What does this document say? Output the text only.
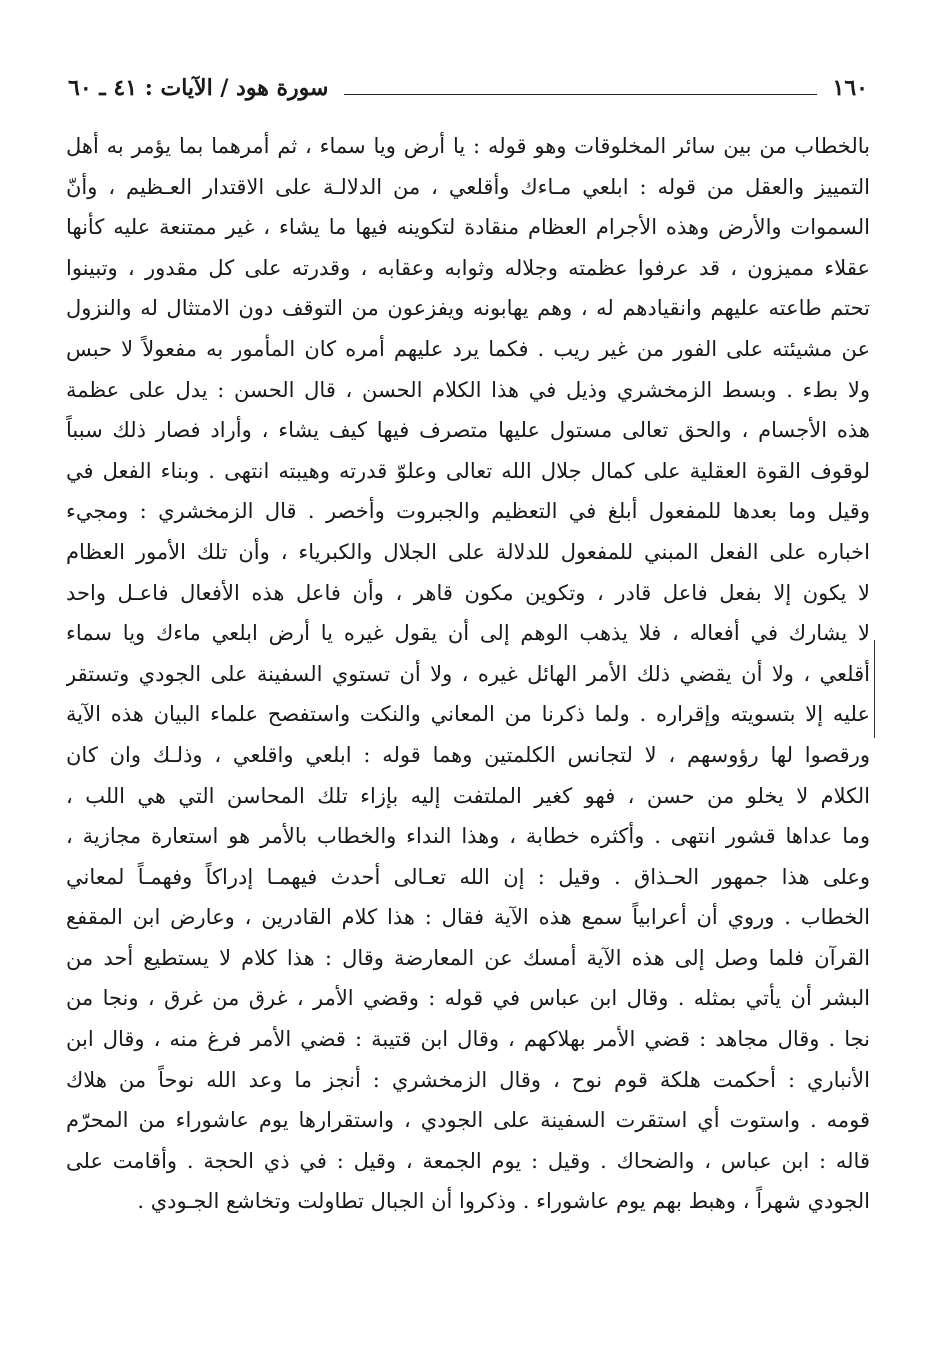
١٦٠
سورة هود / الآيات : ٤١ ـ ٦٠
بالخطاب من بين سائر المخلوقات وهو قوله : يا أرض ويا سماء ، ثم أمرهما بما يؤمر به أهل
التمييز والعقل من قوله : ابلعي مـاءك وأقلعي ، من الدلالـة على الاقتدار العـظيم ، وأنّ
السموات والأرض وهذه الأجرام العظام منقادة لتكوينه فيها ما يشاء ، غير ممتنعة عليه كأنها
عقلاء مميزون ، قد عرفوا عظمته وجلاله وثوابه وعقابه ، وقدرته على كل مقدور ، وتبينوا
تحتم طاعته عليهم وانقيادهم له ، وهم يهابونه ويفزعون من التوقف دون الامتثال له والنزول
عن مشيئته على الفور من غير ريب . فكما يرد عليهم أمره كان المأمور به مفعولاً لا حبس
ولا بطء . وبسط الزمخشري وذيل في هذا الكلام الحسن ، قال الحسن : يدل على عظمة
هذه الأجسام ، والحق تعالى مستول عليها متصرف فيها كيف يشاء ، وأراد فصار ذلك سبباً
لوقوف القوة العقلية على كمال جلال الله تعالى وعلوّ قدرته وهيبته انتهى . وبناء الفعل في
وقيل وما بعدها للمفعول أبلغ في التعظيم والجبروت وأخصر . قال الزمخشري : ومجيء
اخباره على الفعل المبني للمفعول للدلالة على الجلال والكبرياء ، وأن تلك الأمور العظام
لا يكون إلا بفعل فاعل قادر ، وتكوين مكون قاهر ، وأن فاعل هذه الأفعال فاعـل واحد
لا يشارك في أفعاله ، فلا يذهب الوهم إلى أن يقول غيره يا أرض ابلعي ماءك ويا سماء
أقلعي ، ولا أن يقضي ذلك الأمر الهائل غيره ، ولا أن تستوي السفينة على الجودي وتستقر
عليه إلا بتسويته وإقراره . ولما ذكرنا من المعاني والنكت واستفصح علماء البيان هذه الآية
ورقصوا لها رؤوسهم ، لا لتجانس الكلمتين وهما قوله : ابلعي واقلعي ، وذلـك وان كان
الكلام لا يخلو من حسن ، فهو كغير الملتفت إليه بإزاء تلك المحاسن التي هي اللب ،
وما عداها قشور انتهى . وأكثره خطابة ، وهذا النداء والخطاب بالأمر هو استعارة مجازية ،
وعلى هذا جمهور الحـذاق . وقيل : إن الله تعـالى أحدث فيهمـا إدراكاً وفهمـاً لمعاني
الخطاب . وروي أن أعرابياً سمع هذه الآية فقال : هذا كلام القادرين ، وعارض ابن المقفع
القرآن فلما وصل إلى هذه الآية أمسك عن المعارضة وقال : هذا كلام لا يستطيع أحد من
البشر أن يأتي بمثله . وقال ابن عباس في قوله : وقضي الأمر ، غرق من غرق ، ونجا من
نجا . وقال مجاهد : قضي الأمر بهلاكهم ، وقال ابن قتيبة : قضي الأمر فرغ منه ، وقال ابن
الأنباري : أحكمت هلكة قوم نوح ، وقال الزمخشري : أنجز ما وعد الله نوحاً من هلاك
قومه . واستوت أي استقرت السفينة على الجودي ، واستقرارها يوم عاشوراء من المحرّم
قاله : ابن عباس ، والضحاك . وقيل : يوم الجمعة ، وقيل : في ذي الحجة . وأقامت على
الجودي شهراً ، وهبط بهم يوم عاشوراء . وذكروا أن الجبال تطاولت وتخاشع الجـودي .
